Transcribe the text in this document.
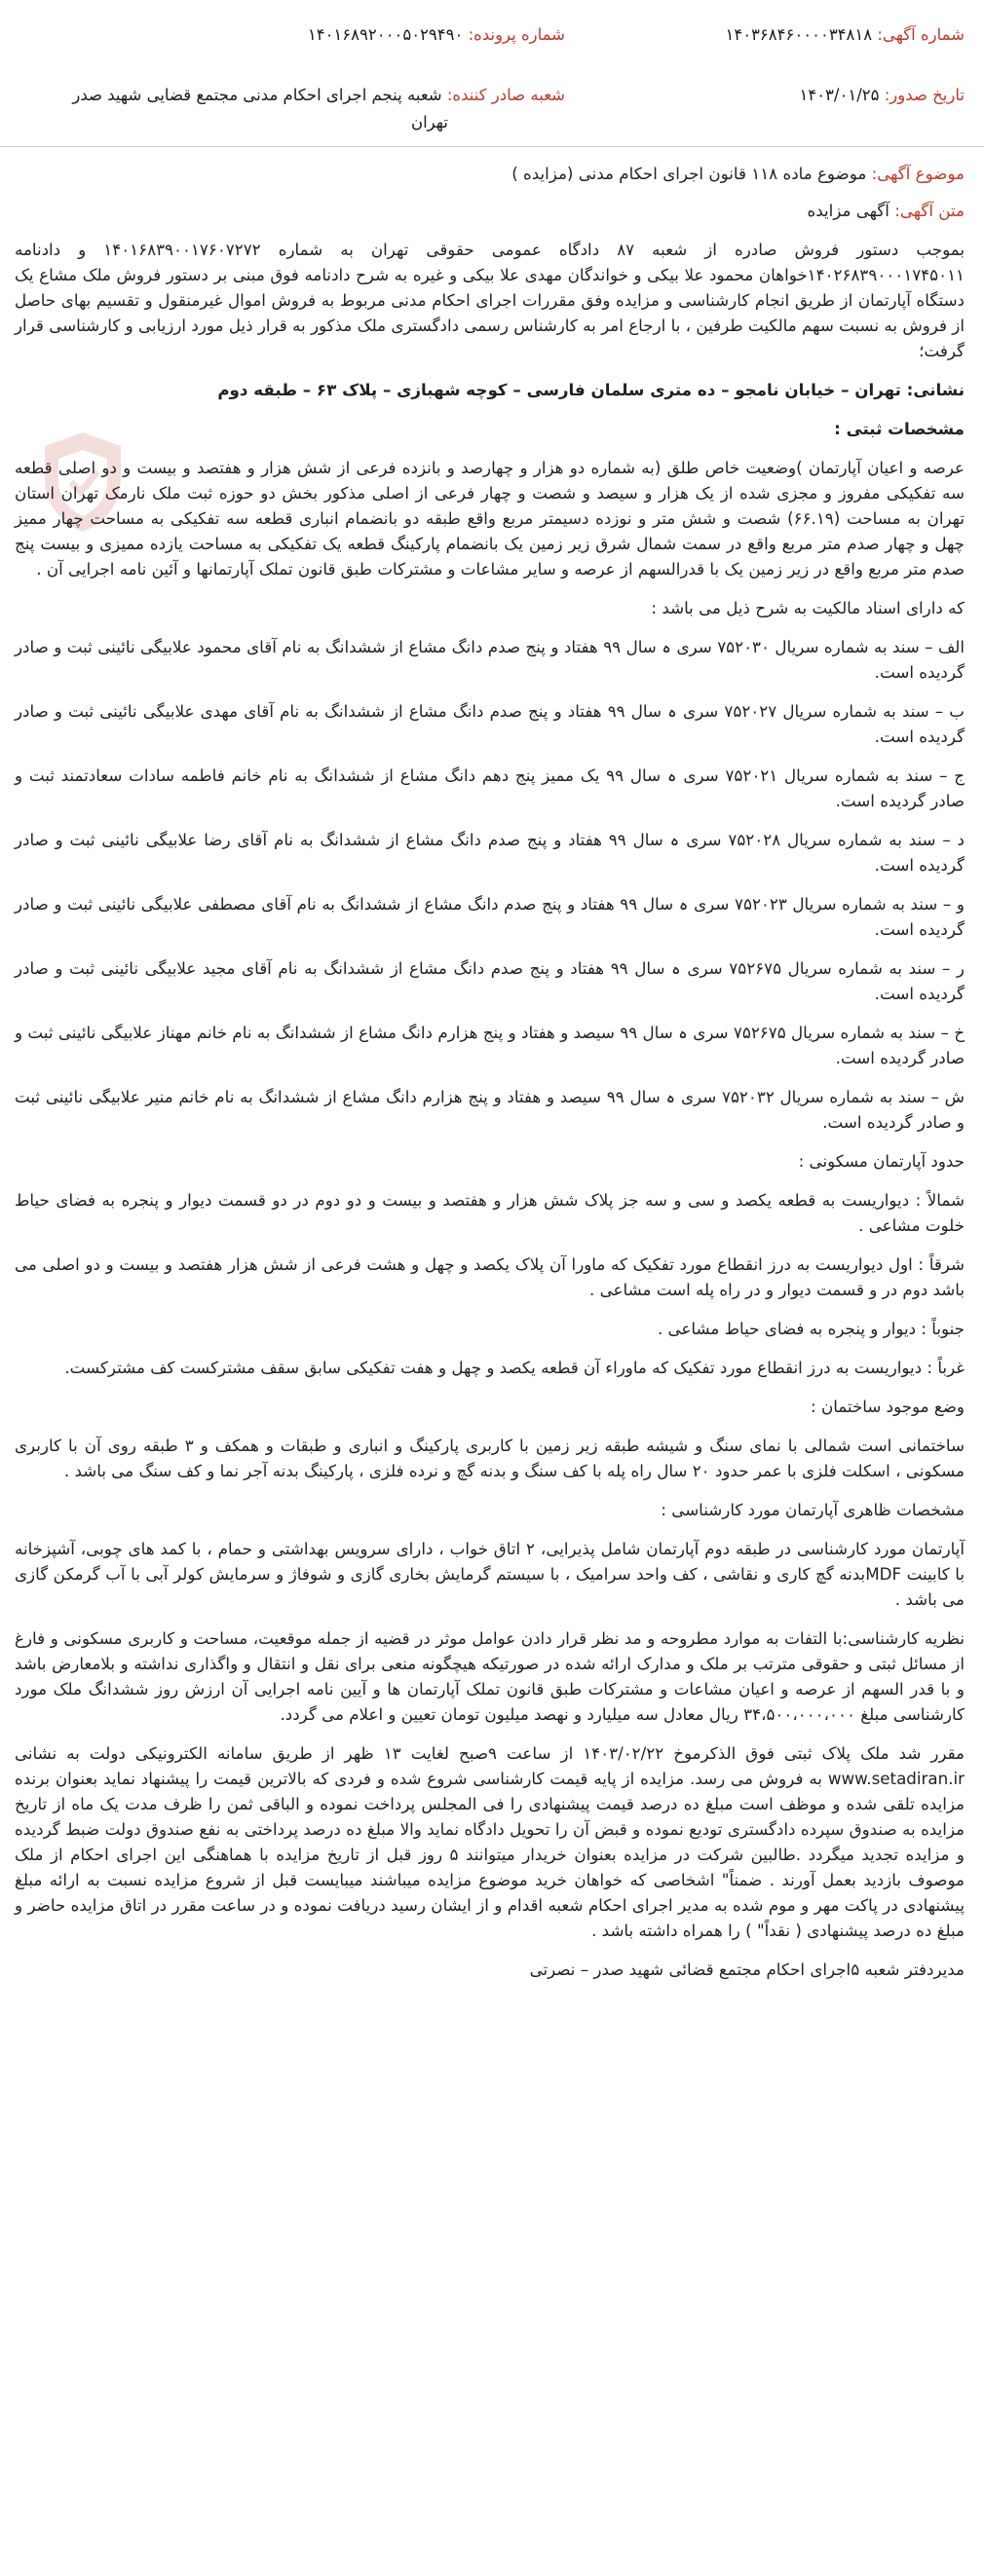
شماره آگهی: ۱۴۰۳۶۸۴۶۰۰۰۰۳۴۸۱۸
شماره پرونده: ۱۴۰۱۶۸۹۲۰۰۰۵۰۲۹۴۹۰
تاریخ صدور: ۱۴۰۳/۰۱/۲۵
شعبه صادر کننده: شعبه پنجم اجرای احکام مدنی مجتمع قضایی شهید صدر
تهران
موضوع آگهی: موضوع ماده ۱۱۸ قانون اجرای احکام مدنی (مزایده )

متن آگهی: آگهی مزایده

بموجب دستور فروش صادره از شعبه ۸۷ دادگاه عمومی حقوقی تهران به شماره ۱۴۰۱۶۸۳۹۰۰۱۷۶۰۷۲۷۲ و دادنامه ۱۴۰۲۶۸۳۹۰۰۰۱۷۴۵۰۱۱خواهان محمود علا بیکی و خواندگان مهدی علا بیکی و غیره به شرح دادنامه فوق مبنی بر دستور فروش ملک مشاع یک دستگاه آپارتمان از طریق انجام کارشناسی و مزایده وفق مقررات اجرای احکام مدنی مربوط به فروش اموال غیرمنقول و تقسیم بهای حاصل از فروش به نسبت سهم مالکیت طرفین ، با ارجاع امر به کارشناس رسمی دادگستری ملک مذکور به قرار ذیل مورد ارزیابی و کارشناسی قرار گرفت؛

نشانی: تهران – خیابان نامجو – ده متری سلمان فارسی – کوچه شهبازی – پلاک ۶۳ – طبقه دوم

مشخصات ثبتی :

عرصه و اعیان آپارتمان )وضعیت خاص طلق (به شماره دو هزار و چهارصد و بانزده فرعی از شش هزار و هفتصد و بیست و دو اصلی قطعه سه تفکیکی مفروز و مجزی شده از یک هزار و سیصد و شصت و چهار فرعی از اصلی مذکور بخش دو حوزه ثبت ملک نارمک تهران استان تهران به مساحت (۶۶.۱۹) شصت و شش متر و نوزده دسیمتر مربع واقع طبقه دو بانضمام انباری قطعه سه تفکیکی به مساحت چهار ممیز چهل و چهار صدم متر مربع واقع در سمت شمال شرق زیر زمین یک بانضمام پارکینگ قطعه یک تفکیکی به مساحت یازده ممیزی و بیست پنج صدم متر مربع واقع در زیر زمین یک با قدرالسهم از عرصه و سایر مشاعات و مشترکات طبق قانون تملک آپارتمانها و آئین نامه اجرایی آن .

که دارای اسناد مالکیت به شرح ذیل می باشد :

الف – سند به شماره سریال ۷۵۲۰۳۰ سری ہ سال ۹۹ هفتاد و پنج صدم دانگ مشاع از ششدانگ به نام آقای محمود علابیگی نائینی ثبت و صادر گردیده است.

ب – سند به شماره سریال ۷۵۲۰۲۷ سری ہ سال ۹۹ هفتاد و پنج صدم دانگ مشاع از ششدانگ به نام آقای مهدی علابیگی نائینی ثبت و صادر گردیده است.

ج – سند به شماره سریال ۷۵۲۰۲۱ سری ہ سال ۹۹ یک ممیز پنج دهم دانگ مشاع از ششدانگ به نام خانم فاطمه سادات سعادتمند ثبت و صادر گردیده است.

د – سند به شماره سریال ۷۵۲۰۲۸ سری ہ سال ۹۹ هفتاد و پنج صدم دانگ مشاع از ششدانگ به نام آقای رضا علابیگی نائینی ثبت و صادر گردیده است.

و – سند به شماره سریال ۷۵۲۰۲۳ سری ہ سال ۹۹ هفتاد و پنج صدم دانگ مشاع از ششدانگ به نام آقای مصطفی علابیگی نائینی ثبت و صادر گردیده است.

ر – سند به شماره سریال ۷۵۲۶۷۵ سری ہ سال ۹۹ هفتاد و پنج صدم دانگ مشاع از ششدانگ به نام آقای مجید علابیگی نائینی ثبت و صادر گردیده است.

خ – سند به شماره سریال ۷۵۲۶۷۵ سری ہ سال ۹۹ سیصد و هفتاد و پنج هزارم دانگ مشاع از ششدانگ به نام خانم مهناز علابیگی نائینی ثبت و صادر گردیده است.

ش – سند به شماره سریال ۷۵۲۰۳۲ سری ہ سال ۹۹ سیصد و هفتاد و پنج هزارم دانگ مشاع از ششدانگ به نام خانم منیر علابیگی نائینی ثبت و صادر گردیده است.

حدود آپارتمان مسکونی :

شمالاً : دیواریست به قطعه یکصد و سی و سه جز پلاک شش هزار و هفتصد و بیست و دو دوم در دو قسمت دیوار و پنجره به فضای حیاط خلوت مشاعی .

شرقاً : اول دیواریست به درز انقطاع مورد تفکیک که ماورا آن پلاک یکصد و چهل و هشت فرعی از شش هزار هفتصد و بیست و دو اصلی می باشد دوم در و قسمت دیوار و در راه پله است مشاعی .

جنوباً : دیوار و پنجره به فضای حیاط مشاعی .

غرباً : دیواریست به درز انقطاع مورد تفکیک که ماوراء آن قطعه یکصد و چهل و هفت تفکیکی سابق سقف مشترکست کف مشترکست.

وضع موجود ساختمان :

ساختمانی است شمالی با نمای سنگ و شیشه طبقه زیر زمین با کاربری پارکینگ و انباری و طبقات و همکف و ۳ طبقه روی آن با کاربری مسکونی ، اسکلت فلزی با عمر حدود ۲۰ سال راه پله با کف سنگ و بدنه گچ و نرده فلزی ، پارکینگ بدنه آجر نما و کف سنگ می باشد .

مشخصات ظاهری آپارتمان مورد کارشناسی :

آپارتمان مورد کارشناسی در طبقه دوم آپارتمان شامل پذیرایی، ۲ اتاق خواب ، دارای سرویس بهداشتی و حمام ، با کمد های چوبی، آشپزخانه با کابینت MDFبدنه گچ کاری و نقاشی ، کف واحد سرامیک ، با سیستم گرمایش بخاری گازی و شوفاژ و سرمایش کولر آبی با آب گرمکن گازی می باشد .

نظریه کارشناسی:با التفات به موارد مطروحه و مد نظر قرار دادن عوامل موثر در قضیه از جمله موقعیت، مساحت و کاربری مسکونی و فارغ از مسائل ثبتی و حقوقی مترتب بر ملک و مدارک ارائه شده در صورتیکه هیچگونه منعی برای نقل و انتقال و واگذاری نداشته و بلامعارض باشد و با قدر السهم از عرصه و اعیان مشاعات و مشترکات طبق قانون تملک آپارتمان ها و آیین نامه اجرایی آن ارزش روز ششدانگ ملک مورد کارشناسی مبلغ ۳۴،۵۰۰،۰۰۰،۰۰۰ ریال معادل سه میلیارد و نهصد میلیون تومان تعیین و اعلام می گردد.

مقرر شد ملک پلاک ثبتی فوق الذکرموخ ۱۴۰۳/۰۲/۲۲ از ساعت ۹صبح لغایت ۱۳ ظهر از طریق سامانه الکترونیکی دولت به نشانی www.setadiran.ir به فروش می رسد. مزایده از پایه قیمت کارشناسی شروع شده و فردی که بالاترین قیمت را پیشنهاد نماید بعنوان برنده مزایده تلقی شده و موظف است مبلغ ده درصد قیمت پیشنهادی را فی المجلس پرداخت نموده و الباقی ثمن را ظرف مدت یک ماه از تاریخ مزایده به صندوق سپرده دادگستری توديع نموده و قبض آن را تحویل دادگاه نماید والا مبلغ ده درصد پرداختی به نفع صندوق دولت ضبط گردیده و مزایده تجدید میگردد .طالبین شرکت در مزایده بعنوان خریدار میتوانند ۵ روز قبل از تاریخ مزایده با هماهنگی این اجرای احکام از ملک موصوف بازدید بعمل آورند . ضمناً" اشخاصی که خواهان خرید موضوع مزایده میباشند میبایست قبل از شروع مزایده نسبت به ارائه مبلغ پیشنهادی در پاکت مهر و موم شده به مدیر اجرای احکام شعبه اقدام و از ایشان رسید دریافت نموده و در ساعت مقرر در اتاق مزایده حاضر و مبلغ ده درصد پیشنهادی ( نقداً" ) را همراه داشته باشد .

مدیردفتر شعبه ۵اجرای احکام مجتمع قضائی شهید صدر – نصرتی
